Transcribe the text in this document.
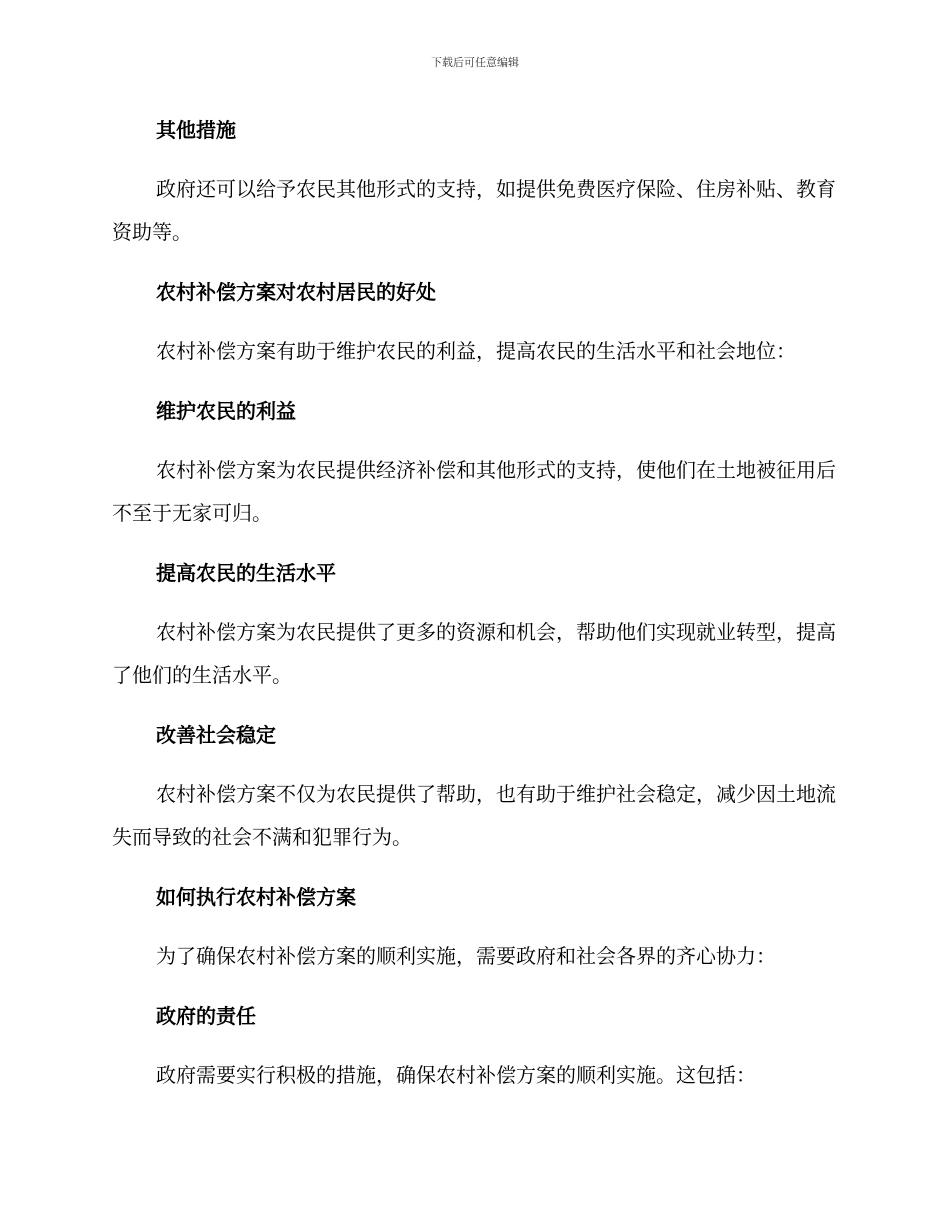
下载后可任意编辑
其他措施

政府还可以给予农民其他形式的支持，如提供免费医疗保险、住房补贴、教育资助等。

农村补偿方案对农村居民的好处

农村补偿方案有助于维护农民的利益，提高农民的生活水平和社会地位：

维护农民的利益

农村补偿方案为农民提供经济补偿和其他形式的支持，使他们在土地被征用后不至于无家可归。

提高农民的生活水平

农村补偿方案为农民提供了更多的资源和机会，帮助他们实现就业转型，提高了他们的生活水平。

改善社会稳定

农村补偿方案不仅为农民提供了帮助，也有助于维护社会稳定，减少因土地流失而导致的社会不满和犯罪行为。

如何执行农村补偿方案

为了确保农村补偿方案的顺利实施，需要政府和社会各界的齐心协力：

政府的责任

政府需要实行积极的措施，确保农村补偿方案的顺利实施。这包括：
